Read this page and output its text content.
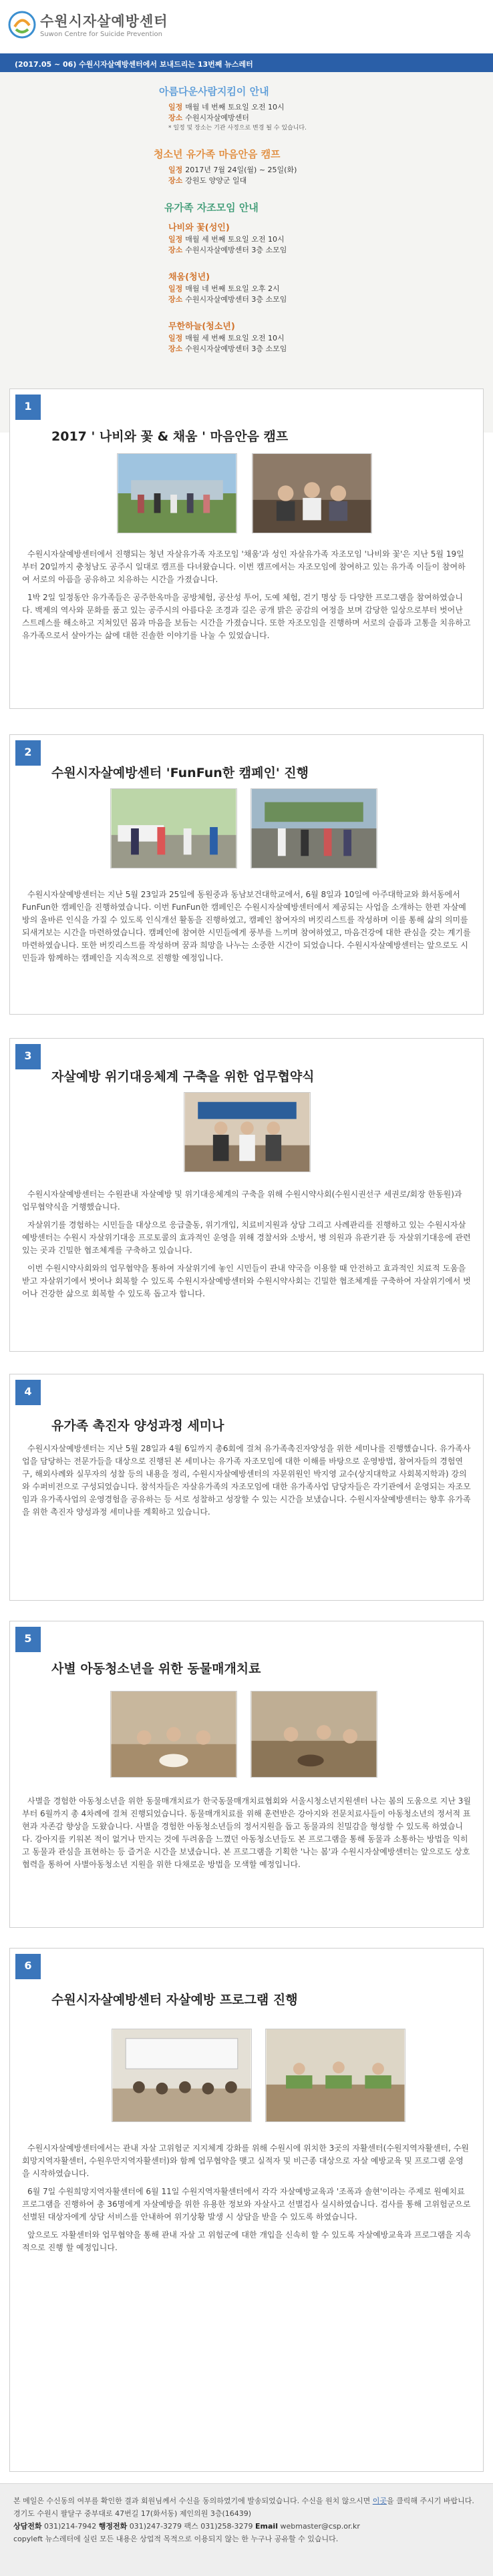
수원시자살예방센터
Suwon Centre for Suicide Prevention
(2017.05 ~ 06) 수원시자살예방센터에서 보내드리는 13번째 뉴스레터
아름다운사람지킴이 안내
일정 매월 네 번째 토요일 오전 10시
장소 수원시자살예방센터
* 일정 및 장소는 기관 사정으로 변경 될 수 있습니다.
청소년 유가족 마음안음 캠프
일정 2017년 7월 24일(월) ~ 25일(화)
장소 강원도 양양군 일대
유가족 자조모임 안내
나비와 꽃(성인)
일정 매월 세 번째 토요일 오전 10시
장소 수원시자살예방센터 3층 소모임
채움(청년)
일정 매월 네 번째 토요일 오후 2시
장소 수원시자살예방센터 3층 소모임
무한하늘(청소년)
일정 매월 세 번째 토요일 오전 10시
장소 수원시자살예방센터 3층 소모임
1
2017 ' 나비와 꽃 & 채움 ' 마음안음 캠프

수원시자살예방센터에서 진행되는 청년 자살유가족 자조모임 '채움'과 성인 자살유가족 자조모임 '나비와 꽃'은 지난 5월 19일부터 20일까지 충청남도 공주시 일대로 캠프를 다녀왔습니다. 이번 캠프에서는 자조모임에 참여하고 있는 유가족 이들이 참여하여 서로의 아픔을 공유하고 치유하는 시간을 가졌습니다.

1박 2일 일정동안 유가족들은 공주한옥마을 공방체험, 공산성 투어, 도예 체험, 걷기 명상 등 다양한 프로그램을 참여하였습니다. 백제의 역사와 문화를 품고 있는 공주시의 아름다운 조경과 길은 공개 밝은 공감의 여정을 보며 감당한 일상으로부터 벗어난 스트레스를 해소하고 지쳐있던 몸과 마음을 보듬는 시간을 가졌습니다. 또한 자조모임을 진행하며 서로의 슬픔과 고통을 치유하고 유가족으로서 살아가는 삶에 대한 진솔한 이야기를 나눌 수 있었습니다.

2
수원시자살예방센터 'FunFun한 캠페인' 진행

수원시자살예방센터는 지난 5월 23일과 25일에 동원중과 동남보건대학교에서, 6월 8일과 10일에 아주대학교와 화서동에서 FunFun한 캠페인을 진행하였습니다. 이번 FunFun한 캠페인은 수원시자살예방센터에서 제공되는 사업을 소개하는 한편 자살예방의 올바른 인식을 가질 수 있도록 인식개선 활동을 진행하였고, 캠페인 참여자의 버킷리스트를 작성하며 이를 통해 삶의 의미를 되새겨보는 시간을 마련하였습니다. 캠페인에 참여한 시민들에게 풍부를 느끼며 참여하였고, 마음건강에 대한 관심을 갖는 계기를 마련하였습니다. 또한 버킷리스트를 작성하며 꿈과 희망을 나누는 소중한 시간이 되었습니다. 수원시자살예방센터는 앞으로도 시민들과 함께하는 캠페인을 지속적으로 진행할 예정입니다.

3
자살예방 위기대응체계 구축을 위한 업무협약식

수원시자살예방센터는 수원관내 자살예방 및 위기대응체계의 구축을 위해 수원시약사회(수원시권선구 세권로/회장 한동원)과 업무협약식을 거행했습니다.

자살위기를 경험하는 시민들을 대상으로 응급출동, 위기개입, 치료비지원과 상담 그리고 사례관리를 진행하고 있는 수원시자살예방센터는 수원시 자살위기대응 프로토콜의 효과적인 운영을 위해 경찰서와 소방서, 병 의원과 유관기관 등 자살위기대응에 관련 있는 곳과 긴밀한 협조체계를 구축하고 있습니다.

이번 수원시약사회와의 업무협약을 통하여 자살위기에 놓인 시민들이 관내 약국을 이용할 때 안전하고 효과적인 치료적 도움을 받고 자살위기에서 벗어나 회복할 수 있도록 수원시자살예방센터와 수원시약사회는 긴밀한 협조체계를 구축하여 자살위기에서 벗어나 건강한 삶으로 회복할 수 있도록 돕고자 합니다.

4
유가족 촉진자 양성과정 세미나

수원시자살예방센터는 지난 5월 28일과 4월 6일까지 총6회에 걸쳐 유가족촉진자양성을 위한 세미나를 진행했습니다. 유가족사업을 담당하는 전문가들을 대상으로 진행된 본 세미나는 유가족 자조모임에 대한 이해를 바탕으로 운영방법, 참여자들의 경험연구, 해외사례와 실무자의 성찰 등의 내용을 정리, 수원시자살예방센터의 자문위원인 박지영 교수(상지대학교 사회복지학과) 강의와 수퍼비전으로 구성되었습니다. 참석자들은 자살유가족의 자조모임에 대한 유가족사업 담당자들은 각기관에서 운영되는 자조모임과 유가족사업의 운영경험을 공유하는 등 서로 성찰하고 성장할 수 있는 시간을 보냈습니다. 수원시자살예방센터는 향후 유가족을 위한 촉진자 양성과정 세미나를 계획하고 있습니다.

5
사별 아동청소년을 위한 동물매개치료

사별을 경험한 아동청소년을 위한 동물매개치료가 한국동물매개치료협회와 서울시청소년지원센터 나는 봄의 도움으로 지난 3월부터 6월까지 총 4차례에 걸쳐 진행되었습니다. 동물매개치료를 위해 훈련받은 강아지와 전문치료사들이 아동청소년의 정서적 표현과 자존감 향상을 도왔습니다. 사별을 경험한 아동청소년들의 정서지원을 돕고 동물과의 친밀감을 형성할 수 있도록 하였습니다. 강아지를 키워본 적이 없거나 만지는 것에 두려움을 느꼈던 아동청소년들도 본 프로그램을 통해 동물과 소통하는 방법을 익히고 동물과 관심을 표현하는 등 즐거운 시간을 보냈습니다. 본 프로그램을 기획한 '나는 봄'과 수원시자살예방센터는 앞으로도 상호협력을 통하여 사별아동청소년 지원을 위한 다채로운 방법을 모색할 예정입니다.

6
수원시자살예방센터 자살예방 프로그램 진행

수원시자살예방센터에서는 관내 자살 고위험군 지지체계 강화를 위해 수원시에 위치한 3곳의 자활센터(수원지역자활센터, 수원회망지역자활센터, 수원우만지역자활센터)와 함께 업무협약을 맺고 실적자 및 비근종 대상으로 자살 예방교육 및 프로그램 운영을 시작하였습니다.

6월 7일 수원희망지역자활센터에 6월 11일 수원지역자활센터에서 각각 자살예방교육과 '조폭과 솔현'이라는 주제로 원예치료 프로그램을 진행하여 총 36명에게 자살예방을 위한 유용한 정보와 자살사고 선별검사 실시하였습니다. 검사를 통해 고위험군으로 선별된 대상자에게 상담 서비스를 안내하여 위기상황 발생 시 상담을 받을 수 있도록 하였습니다.

앞으로도 자활센터와 업무협약을 통해 관내 자살 고 위험군에 대한 개입을 신속히 할 수 있도록 자살예방교육과 프로그램을 지속적으로 진행 할 예정입니다.

본 메일은 수신동의 여부를 확인한 결과 회원님께서 수신을 동의하였기에 발송되었습니다. 수신을 원치 않으시면 이곳을 클릭해 주시기 바랍니다.
경기도 수원시 팔달구 중부대로 47번길 17(화서동) 제인의원 3층(16439)
상담전화 031)214-7942 행정전화 031)247-3279 팩스 031)258-3279 Email webmaster@csp.or.kr
copyleft 뉴스레터에 실린 모든 내용은 상업적 목적으로 이용되지 않는 한 누구나 공유할 수 있습니다.
